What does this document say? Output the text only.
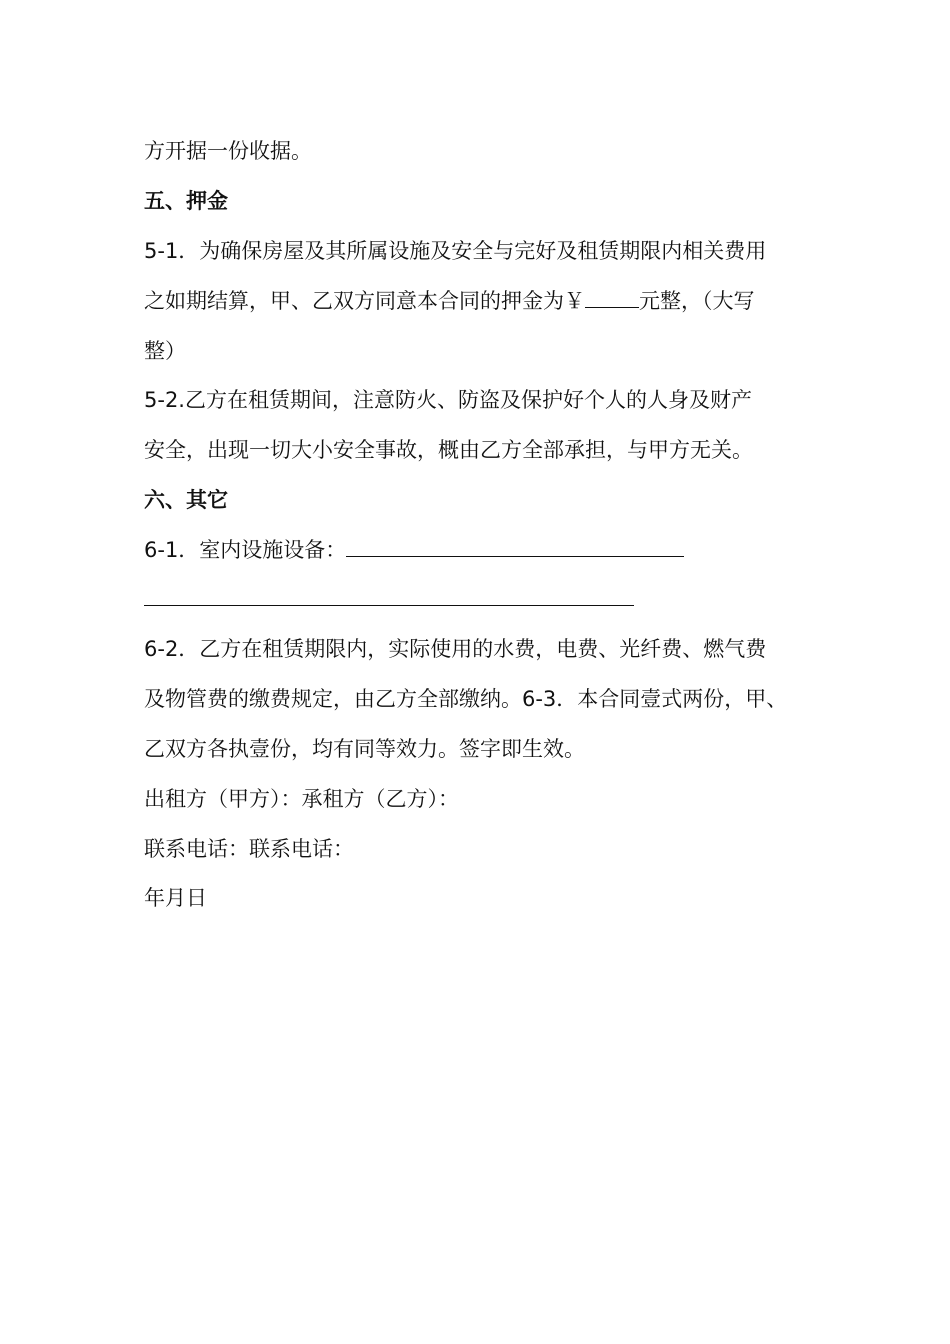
方开据一份收据。
五、押金
5-1．为确保房屋及其所属设施及安全与完好及租赁期限内相关费用
之如期结算，甲、乙双方同意本合同的押金为￥	元整，（大写
整）
5-2.乙方在租赁期间，注意防火、防盗及保护好个人的人身及财产
安全，出现一切大小安全事故，概由乙方全部承担，与甲方无关。
六、其它
6-1．室内设施设备：
6-2．乙方在租赁期限内，实际使用的水费，电费、光纤费、燃气费
及物管费的缴费规定，由乙方全部缴纳。6-3．本合同壹式两份，甲、
乙双方各执壹份，均有同等效力。签字即生效。
出租方（甲方）：承租方（乙方）：
联系电话：联系电话：
年月日
